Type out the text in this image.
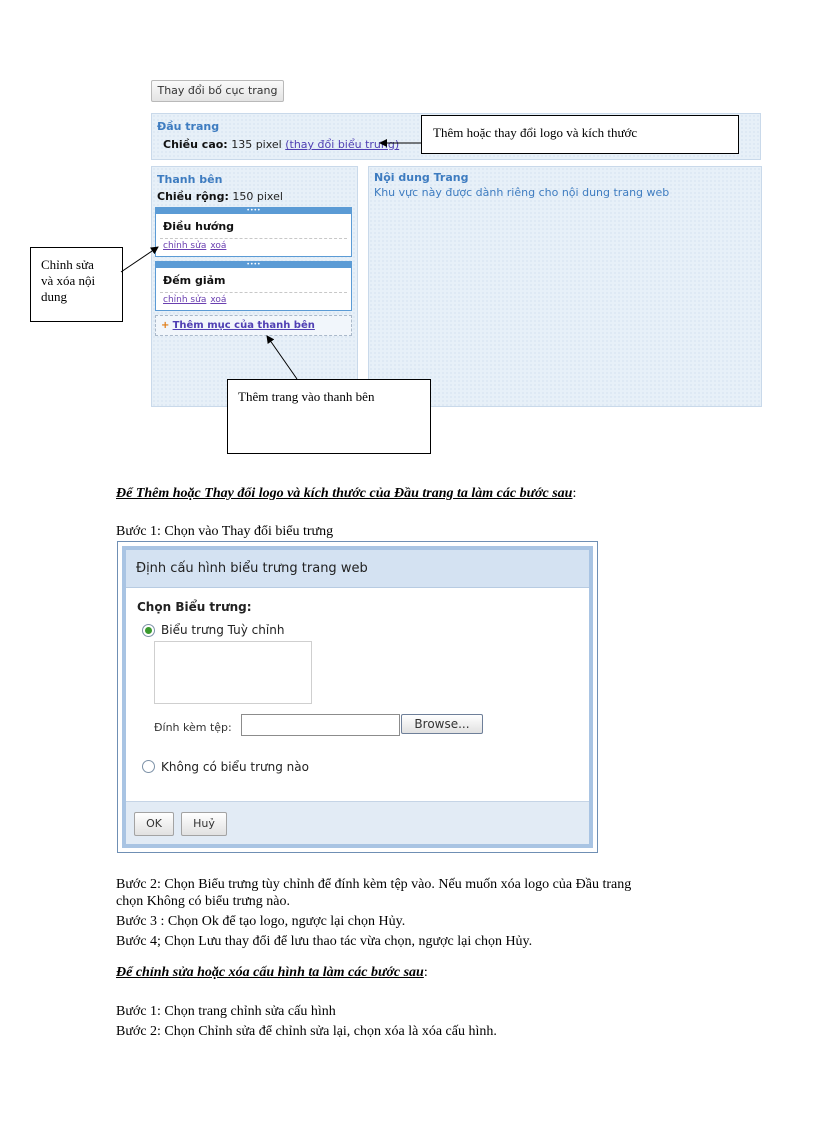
Thay đổi bố cục trang
Đầu trang
Chiều cao: 135 pixel (thay đổi biểu trưng)
Thanh bên
Chiều rộng: 150 pixel
••••
Điều hướng
chỉnh sửa xoá
••••
Đếm giảm
chỉnh sửa xoá
+ Thêm mục của thanh bên
Nội dung Trang
Khu vực này được dành riêng cho nội dung trang web
Thêm hoặc thay đổi logo và kích thước
Chỉnh sửa
và xóa nội
dung
Thêm trang vào thanh bên
Để Thêm hoặc Thay đổi logo và kích thước của Đầu trang ta làm các bước sau:
Bước 1: Chọn vào Thay đổi biểu trưng
Định cấu hình biểu trưng trang web
Chọn Biểu trưng:
Biểu trưng Tuỳ chỉnh
Đính kèm tệp:	Browse...
Không có biểu trưng nào
OK	Huỷ
Bước 2: Chọn Biểu trưng tùy chỉnh để đính kèm tệp vào. Nếu muốn xóa logo của Đầu trang
chọn Không có biểu trưng nào.
Bước 3 : Chọn Ok để tạo logo, ngược lại chọn Hủy.
Bước 4; Chọn Lưu thay đổi để lưu thao tác vừa chọn, ngược lại chọn Hủy.
Để chỉnh sửa hoặc xóa cấu hình ta làm các bước sau:
Bước 1: Chọn trang chỉnh sửa cấu hình
Bước 2: Chọn Chỉnh sửa để chỉnh sửa lại, chọn xóa là xóa cấu hình.
